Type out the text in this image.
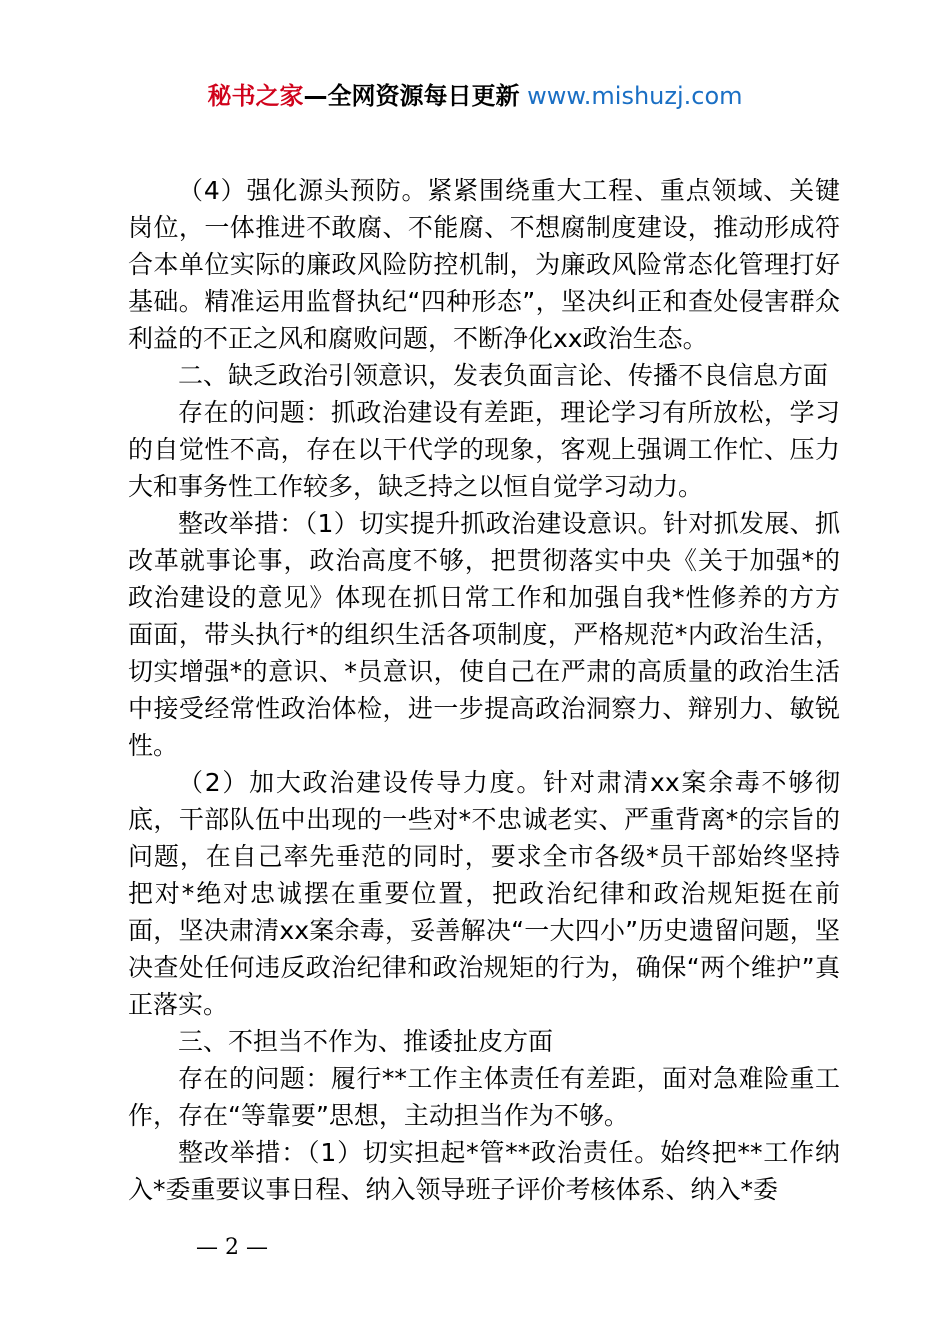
秘书之家—全网资源每日更新 www.mishuzj.com

（4）强化源头预防。紧紧围绕重大工程、重点领域、关键岗位，一体推进不敢腐、不能腐、不想腐制度建设，推动形成符合本单位实际的廉政风险防控机制，为廉政风险常态化管理打好基础。精准运用监督执纪“四种形态”，坚决纠正和查处侵害群众利益的不正之风和腐败问题，不断净化xx政治生态。

二、缺乏政治引领意识，发表负面言论、传播不良信息方面

存在的问题：抓政治建设有差距，理论学习有所放松，学习的自觉性不高，存在以干代学的现象，客观上强调工作忙、压力大和事务性工作较多，缺乏持之以恒自觉学习动力。

整改举措：（1）切实提升抓政治建设意识。针对抓发展、抓改革就事论事，政治高度不够，把贯彻落实中央《关于加强*的政治建设的意见》体现在抓日常工作和加强自我*性修养的方方面面，带头执行*的组织生活各项制度，严格规范*内政治生活，切实增强*的意识、*员意识，使自己在严肃的高质量的政治生活中接受经常性政治体检，进一步提高政治洞察力、辩别力、敏锐性。

（2）加大政治建设传导力度。针对肃清xx案余毒不够彻底，干部队伍中出现的一些对*不忠诚老实、严重背离*的宗旨的问题，在自己率先垂范的同时，要求全市各级*员干部始终坚持把对*绝对忠诚摆在重要位置，把政治纪律和政治规矩挺在前面，坚决肃清xx案余毒，妥善解决“一大四小”历史遗留问题，坚决查处任何违反政治纪律和政治规矩的行为，确保“两个维护”真正落实。

三、不担当不作为、推诿扯皮方面

存在的问题：履行**工作主体责任有差距，面对急难险重工作，存在“等靠要”思想，主动担当作为不够。

整改举措：（1）切实担起*管**政治责任。始终把**工作纳入*委重要议事日程、纳入领导班子评价考核体系、纳入*委

— 2 —
